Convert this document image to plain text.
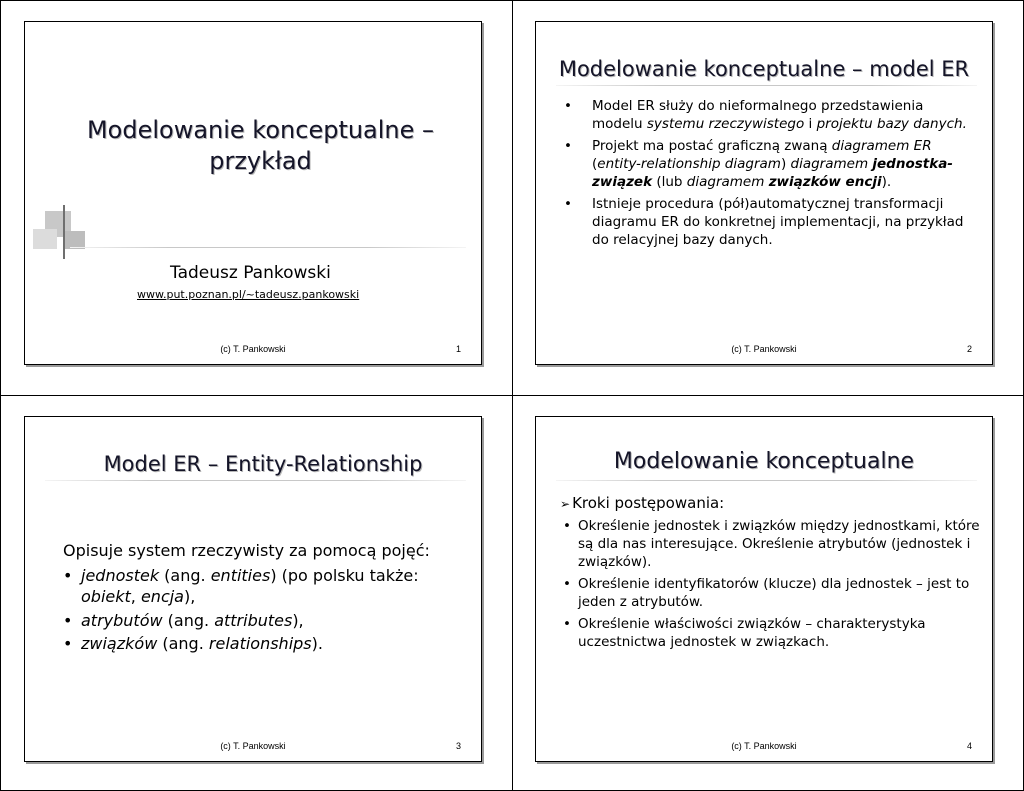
Modelowanie konceptualne – przykład
Tadeusz Pankowski
www.put.poznan.pl/~tadeusz.pankowski
(c) T. Pankowski	1
Modelowanie konceptualne – model ER
• Model ER służy do nieformalnego przedstawienia modelu systemu rzeczywistego i projektu bazy danych.
• Projekt ma postać graficzną zwaną diagramem ER (entity-relationship diagram) diagramem jednostka-związek (lub diagramem związków encji).
• Istnieje procedura (pół)automatycznej transformacji diagramu ER do konkretnej implementacji, na przykład do relacyjnej bazy danych.
(c) T. Pankowski	2
Model ER – Entity-Relationship
Opisuje system rzeczywisty za pomocą pojęć:
• jednostek (ang. entities) (po polsku także: obiekt, encja),
• atrybutów (ang. attributes),
• związków (ang. relationships).
(c) T. Pankowski	3
Modelowanie konceptualne
➢ Kroki postępowania:
• Określenie jednostek i związków między jednostkami, które są dla nas interesujące. Określenie atrybutów (jednostek i związków).
• Określenie identyfikatorów (klucze) dla jednostek – jest to jeden z atrybutów.
• Określenie właściwości związków – charakterystyka uczestnictwa jednostek w związkach.
(c) T. Pankowski	4
